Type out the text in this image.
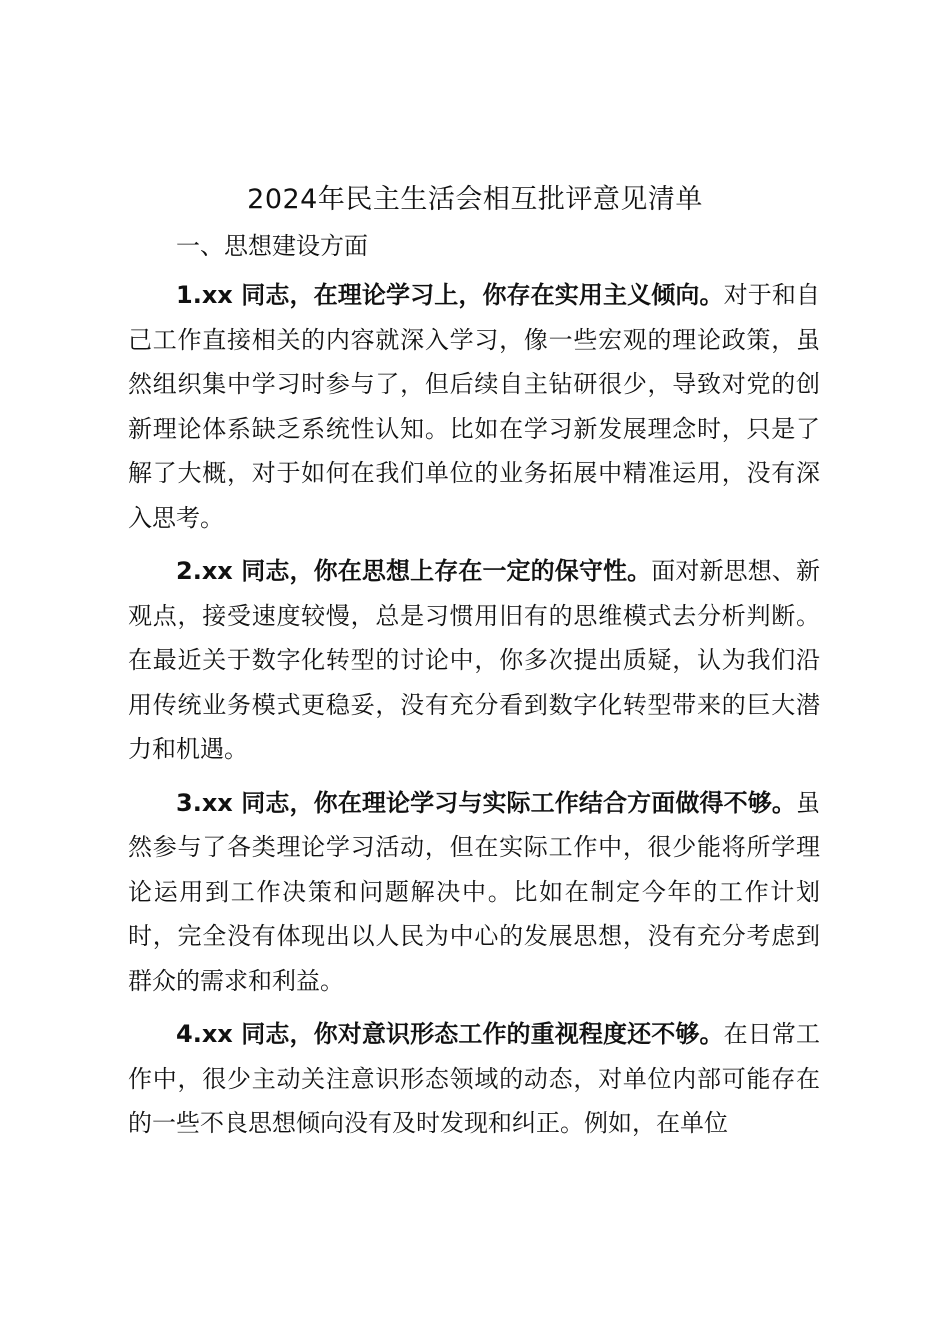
2024年民主生活会相互批评意见清单
一、思想建设方面

1.xx 同志，在理论学习上，你存在实用主义倾向。对于和自己工作直接相关的内容就深入学习，像一些宏观的理论政策，虽然组织集中学习时参与了，但后续自主钻研很少，导致对党的创新理论体系缺乏系统性认知。比如在学习新发展理念时，只是了解了大概，对于如何在我们单位的业务拓展中精准运用，没有深入思考。

2.xx 同志，你在思想上存在一定的保守性。面对新思想、新观点，接受速度较慢，总是习惯用旧有的思维模式去分析判断。在最近关于数字化转型的讨论中，你多次提出质疑，认为我们沿用传统业务模式更稳妥，没有充分看到数字化转型带来的巨大潜力和机遇。

3.xx 同志，你在理论学习与实际工作结合方面做得不够。虽然参与了各类理论学习活动，但在实际工作中，很少能将所学理论运用到工作决策和问题解决中。比如在制定今年的工作计划时，完全没有体现出以人民为中心的发展思想，没有充分考虑到群众的需求和利益。

4.xx 同志，你对意识形态工作的重视程度还不够。在日常工作中，很少主动关注意识形态领域的动态，对单位内部可能存在的一些不良思想倾向没有及时发现和纠正。例如，在单位
